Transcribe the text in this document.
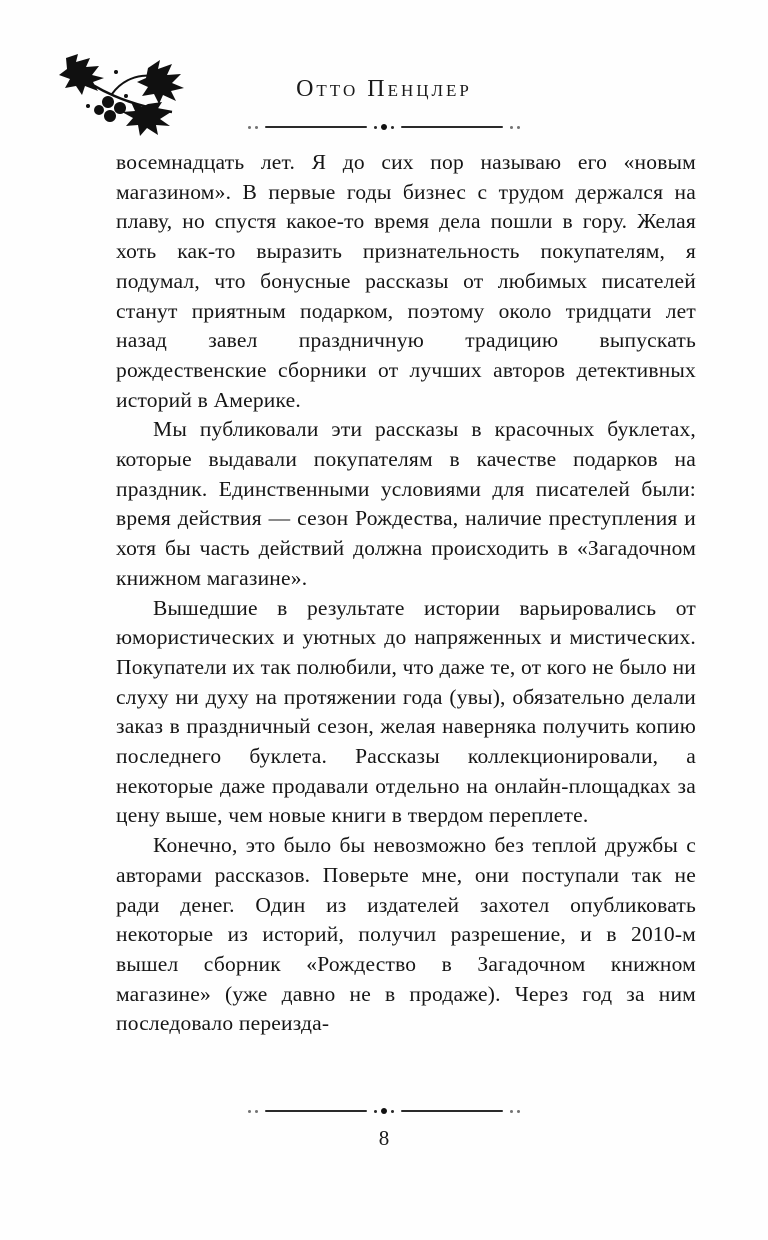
Отто Пенцлер

восемнадцать лет. Я до сих пор называю его «новым магазином». В первые годы бизнес с трудом держался на плаву, но спустя какое-то время дела пошли в гору. Желая хоть как-то выразить признательность покупателям, я подумал, что бонусные рассказы от любимых писателей станут приятным подарком, поэтому около тридцати лет назад завел праздничную традицию выпускать рождественские сборники от лучших авторов детективных историй в Америке.

Мы публиковали эти рассказы в красочных буклетах, которые выдавали покупателям в качестве подарков на праздник. Единственными условиями для писателей были: время действия — сезон Рождества, наличие преступления и хотя бы часть действий должна происходить в «Загадочном книжном магазине».

Вышедшие в результате истории варьировались от юмористических и уютных до напряженных и мистических. Покупатели их так полюбили, что даже те, от кого не было ни слуху ни духу на протяжении года (увы), обязательно делали заказ в праздничный сезон, желая наверняка получить копию последнего буклета. Рассказы коллекционировали, а некоторые даже продавали отдельно на онлайн-площадках за цену выше, чем новые книги в твердом переплете.

Конечно, это было бы невозможно без теплой дружбы с авторами рассказов. Поверьте мне, они поступали так не ради денег. Один из издателей захотел опубликовать некоторые из историй, получил разрешение, и в 2010-м вышел сборник «Рождество в Загадочном книжном магазине» (уже давно не в продаже). Через год за ним последовало переизда-

8
